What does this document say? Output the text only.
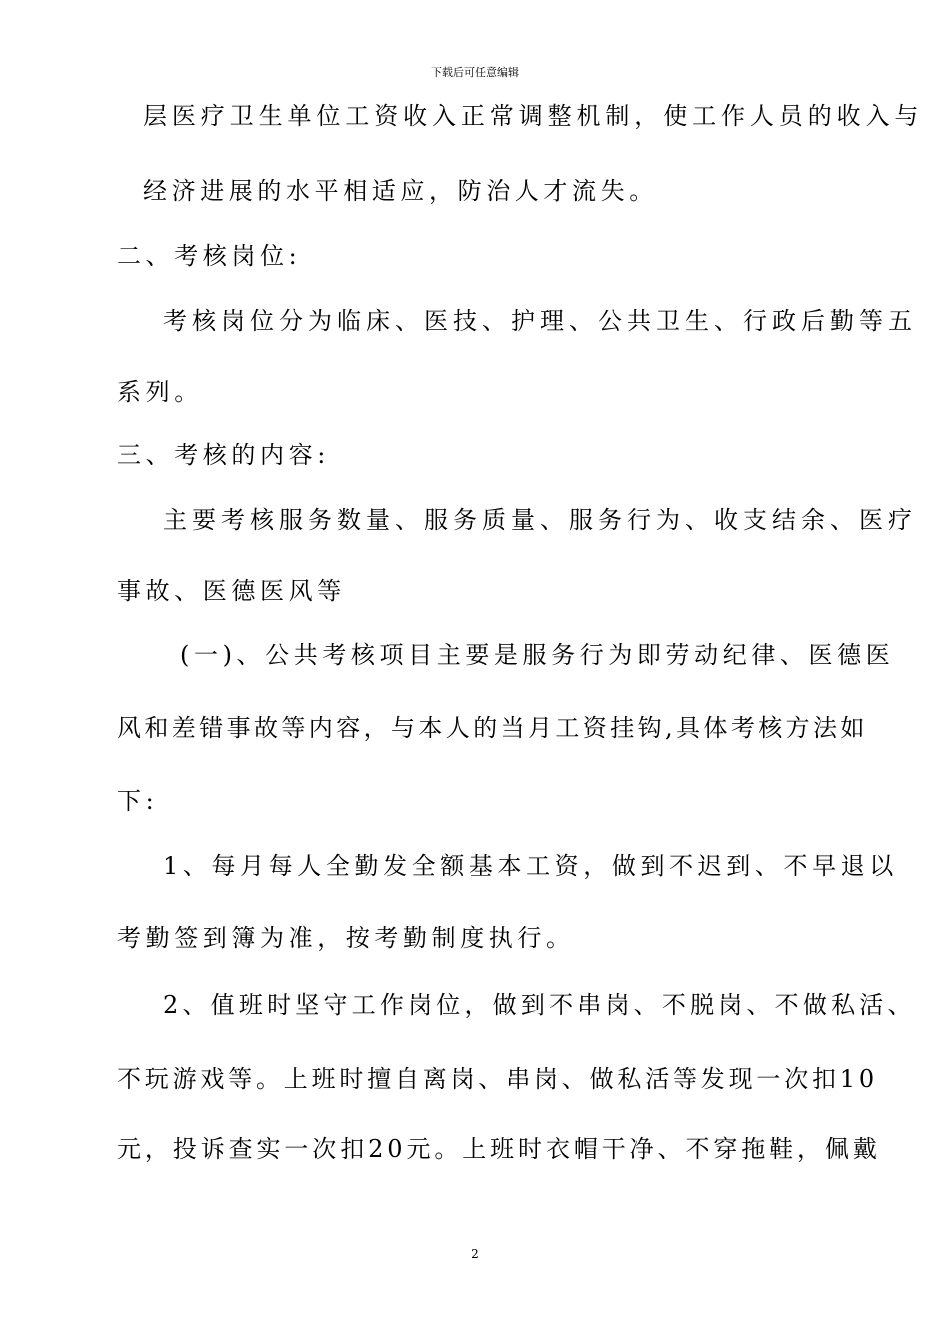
下载后可任意编辑
层医疗卫生单位工资收入正常调整机制，使工作人员的收入与
经济进展的水平相适应，防治人才流失。
二、考核岗位:
考核岗位分为临床、医技、护理、公共卫生、行政后勤等五
系列。
三、考核的内容:
主要考核服务数量、服务质量、服务行为、收支结余、医疗
事故、医德医风等
(一)、公共考核项目主要是服务行为即劳动纪律、医德医
风和差错事故等内容，与本人的当月工资挂钩,具体考核方法如
下:
1、每月每人全勤发全额基本工资，做到不迟到、不早退以
考勤签到簿为准，按考勤制度执行。
2、值班时坚守工作岗位，做到不串岗、不脱岗、不做私活、
不玩游戏等。上班时擅自离岗、串岗、做私活等发现一次扣10
元，投诉查实一次扣20元。上班时衣帽干净、不穿拖鞋，佩戴
2
